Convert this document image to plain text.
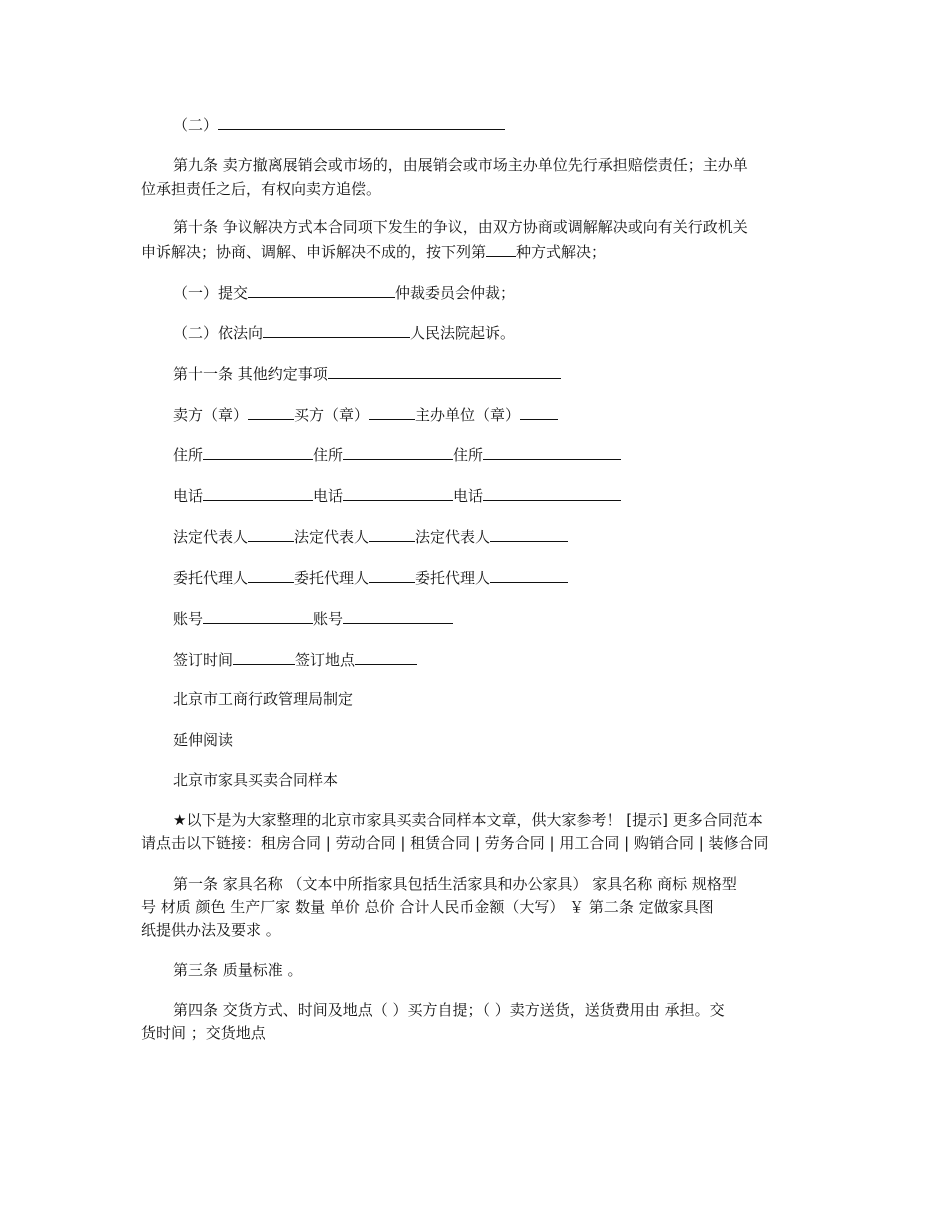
（二）
第九条 卖方撤离展销会或市场的，由展销会或市场主办单位先行承担赔偿责任；主办单
位承担责任之后，有权向卖方追偿。
第十条 争议解决方式本合同项下发生的争议，由双方协商或调解解决或向有关行政机关
申诉解决；协商、调解、申诉解决不成的，按下列第 种方式解决；
（一）提交	仲裁委员会仲裁；
（二）依法向	人民法院起诉。
第十一条 其他约定事项
卖方（章）	买方（章）	主办单位（章）
住所	住所	住所
电话	电话	电话
法定代表人	法定代表人	法定代表人
委托代理人	委托代理人	委托代理人
账号	账号
签订时间	签订地点
北京市工商行政管理局制定
延伸阅读
北京市家具买卖合同样本
★以下是为大家整理的北京市家具买卖合同样本文章，供大家参考！ [提示] 更多合同范本
请点击以下链接：租房合同 | 劳动合同 | 租赁合同 | 劳务合同 | 用工合同 | 购销合同 | 装修合同
第一条 家具名称 （文本中所指家具包括生活家具和办公家具） 家具名称 商标 规格型
号 材质 颜色 生产厂家 数量 单价 总价 合计人民币金额（大写） ￥ 第二条 定做家具图
纸提供办法及要求 。
第三条 质量标准 。
第四条 交货方式、时间及地点（ ）买方自提；（ ）卖方送货，送货费用由 承担。交
货时间 ；交货地点
